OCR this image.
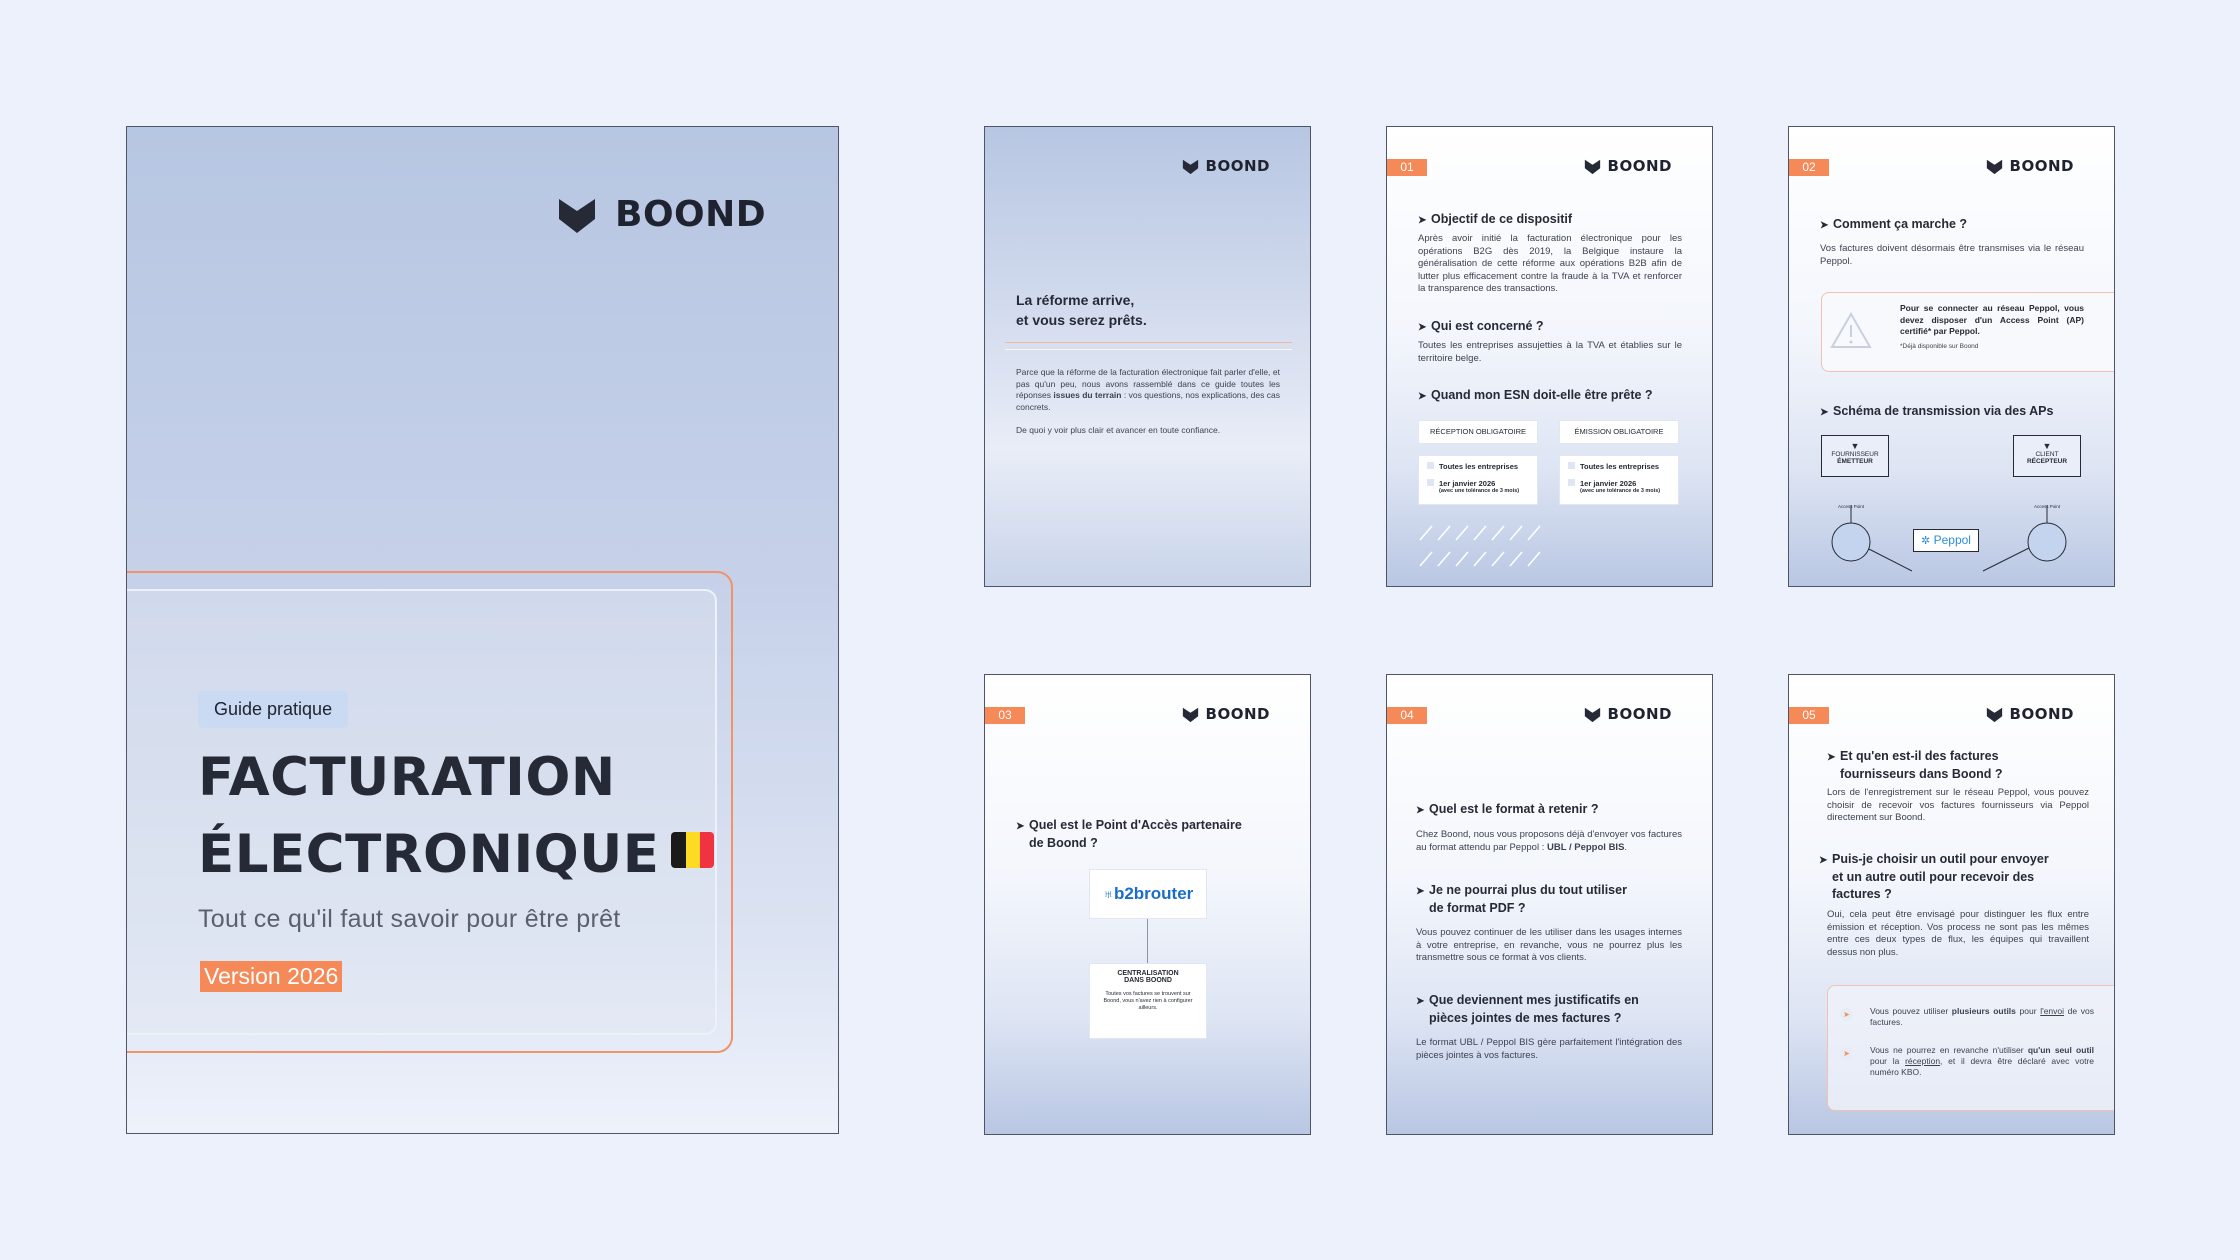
BOOND
Guide pratique
FACTURATION
ÉLECTRONIQUE
Tout ce qu'il faut savoir pour être prêt
Version 2026
BOOND
La réforme arrive,
et vous serez prêts.
Parce que la réforme de la facturation électronique fait parler d'elle, et pas qu'un peu, nous avons rassemblé dans ce guide toutes les réponses issues du terrain : vos questions, nos explications, des cas concrets.
De quoi y voir plus clair et avancer en toute confiance.
01	BOOND
➤ Objectif de ce dispositif
Après avoir initié la facturation électronique pour les opérations B2G dès 2019, la Belgique instaure la généralisation de cette réforme aux opérations B2B afin de lutter plus efficacement contre la fraude à la TVA et renforcer la transparence des transactions.
➤ Qui est concerné ?
Toutes les entreprises assujetties à la TVA et établies sur le territoire belge.
➤ Quand mon ESN doit-elle être prête ?
RÉCEPTION OBLIGATOIRE	ÉMISSION OBLIGATOIRE
Toutes les entreprises
1er janvier 2026
(avec une tolérance de 3 mois)
Toutes les entreprises
1er janvier 2026
(avec une tolérance de 3 mois)
02	BOOND
➤ Comment ça marche ?
Vos factures doivent désormais être transmises via le réseau Peppol.
Pour se connecter au réseau Peppol, vous devez disposer d'un Access Point (AP) certifié* par Peppol.
*Déjà disponible sur Boond
➤ Schéma de transmission via des APs
▼
FOURNISSEUR
ÉMETTEUR
▼
CLIENT
RÉCEPTEUR
Access Point	Access Point
✲ Peppol
03	BOOND
➤ Quel est le Point d'Accès partenaire
de Boond ?
♅b2brouter
CENTRALISATION
DANS BOOND
Toutes vos factures se trouvent sur Boond, vous n'avez rien à configurer ailleurs.
04	BOOND
➤ Quel est le format à retenir ?
Chez Boond, nous vous proposons déjà d'envoyer vos factures au format attendu par Peppol : UBL / Peppol BIS.
➤ Je ne pourrai plus du tout utiliser
de format PDF ?
Vous pouvez continuer de les utiliser dans les usages internes à votre entreprise, en revanche, vous ne pourrez plus les transmettre sous ce format à vos clients.
➤ Que deviennent mes justificatifs en
pièces jointes de mes factures ?
Le format UBL / Peppol BIS gère parfaitement l'intégration des pièces jointes à vos factures.
05	BOOND
➤ Et qu'en est-il des factures
fournisseurs dans Boond ?
Lors de l'enregistrement sur le réseau Peppol, vous pouvez choisir de recevoir vos factures fournisseurs via Peppol directement sur Boond.
➤ Puis-je choisir un outil pour envoyer
et un autre outil pour recevoir des
factures ?
Oui, cela peut être envisagé pour distinguer les flux entre émission et réception. Vos process ne sont pas les mêmes entre ces deux types de flux, les équipes qui travaillent dessus non plus.
Vous pouvez utiliser plusieurs outils pour l'envoi de vos factures.
➤
Vous ne pourrez en revanche n'utiliser qu'un seul outil pour la réception, et il devra être déclaré avec votre numéro KBO.
➤
